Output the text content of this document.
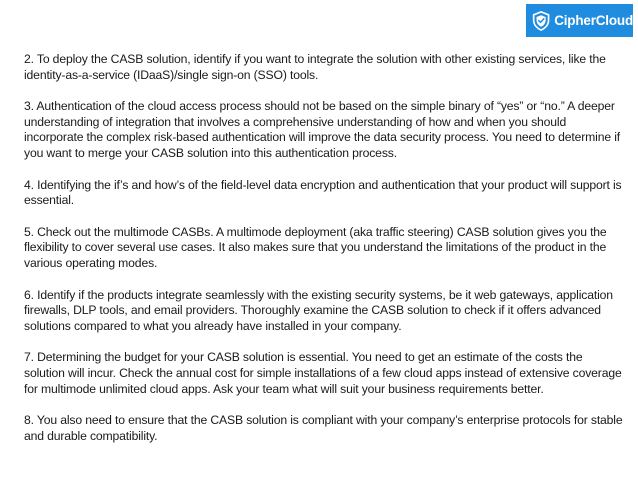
CipherCloud

2. To deploy the CASB solution, identify if you want to integrate the solution with other existing services, like the identity-as-a-service (IDaaS)/single sign-on (SSO) tools.

3. Authentication of the cloud access process should not be based on the simple binary of “yes” or “no.” A deeper understanding of integration that involves a comprehensive understanding of how and when you should incorporate the complex risk-based authentication will improve the data security process. You need to determine if you want to merge your CASB solution into this authentication process.

4. Identifying the if’s and how’s of the field-level data encryption and authentication that your product will support is essential.

5. Check out the multimode CASBs. A multimode deployment (aka traffic steering) CASB solution gives you the flexibility to cover several use cases. It also makes sure that you understand the limitations of the product in the various operating modes.

6. Identify if the products integrate seamlessly with the existing security systems, be it web gateways, application firewalls, DLP tools, and email providers. Thoroughly examine the CASB solution to check if it offers advanced solutions compared to what you already have installed in your company.

7. Determining the budget for your CASB solution is essential. You need to get an estimate of the costs the solution will incur. Check the annual cost for simple installations of a few cloud apps instead of extensive coverage for multimode unlimited cloud apps. Ask your team what will suit your business requirements better.

8. You also need to ensure that the CASB solution is compliant with your company’s enterprise protocols for stable and durable compatibility.
